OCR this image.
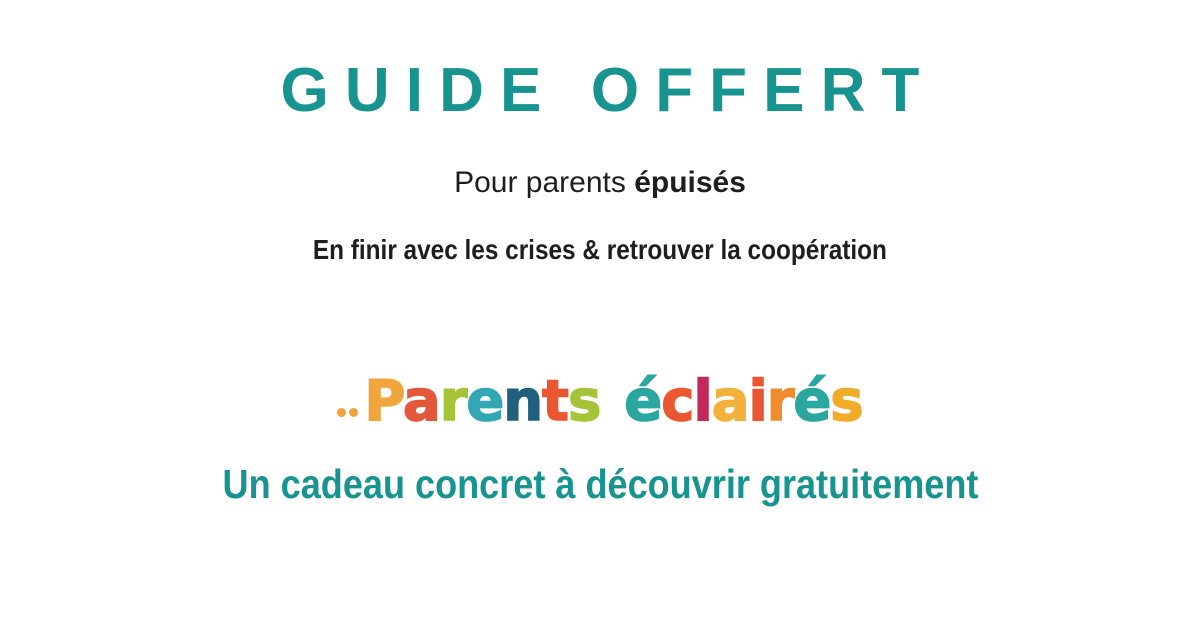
GUIDE OFFERT

Pour parents épuisés

En finir avec les crises & retrouver la coopération

Parents éclairés

Un cadeau concret à découvrir gratuitement
